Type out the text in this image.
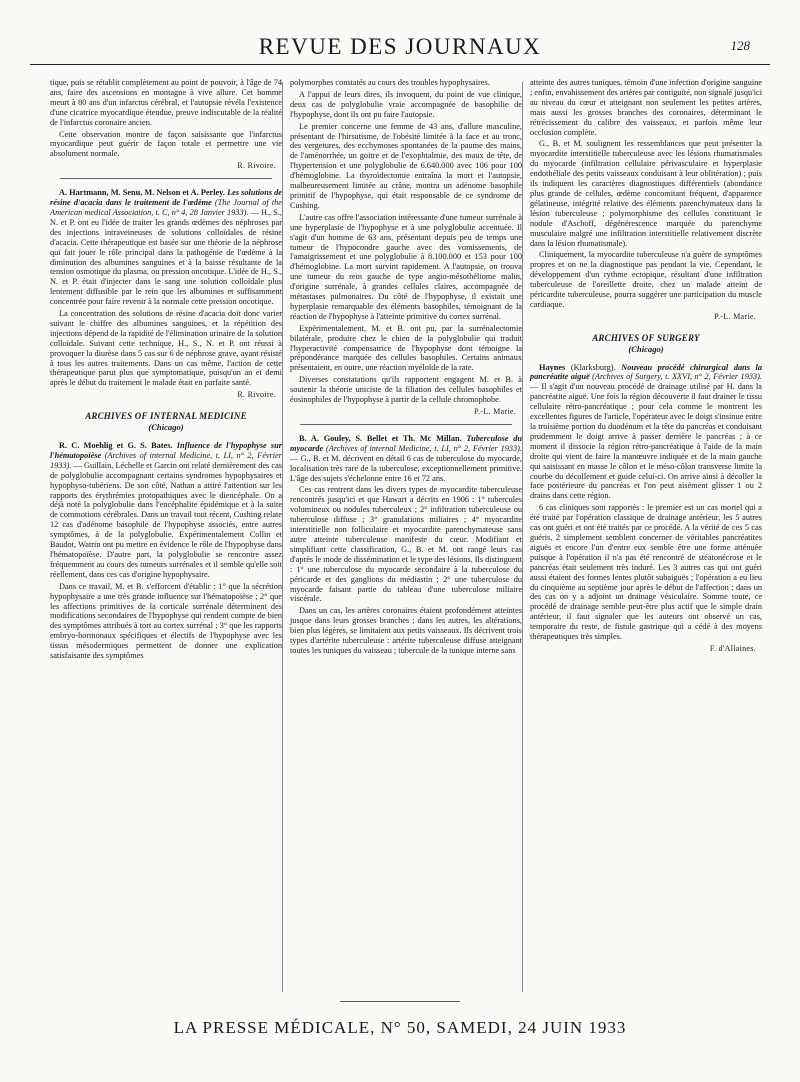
REVUE DES JOURNAUX	128

tique, puis se rétablit complètement au point de pouvoir, à l'âge de 74 ans, faire des ascensions en montagne à vive allure. Cet homme meurt à 80 ans d'un infarctus cérébral, et l'autopsie révéla l'existence d'une cicatrice myocardique étendue, preuve indiscutable de la réalité de l'infarctus coronaire ancien.

Cette observation montre de façon saisissante que l'infarctus myocardique peut guérir de façon totale et permettre une vie absolument normale.

R. Rivoire.

A. Hartmann, M. Senu, M. Nelson et A. Perley. Les solutions de résine d'acacia dans le traitement de l'œdème (The Journal of the American medical Association, t. C, n° 4, 28 Janvier 1933). — H., S., N. et P. ont eu l'idée de traiter les grands œdèmes des néphroses par des injections intraveineuses de solutions colloïdales de résine d'acacia. Cette thérapeutique est basée sur une théorie de la néphrose qui fait jouer le rôle principal dans la pathogénie de l'œdème à la diminution des albumines sanguines et à la baisse résultante de la tension osmotique du plasma, ou pression oncotique. L'idée de H., S., N. et P. était d'injecter dans le sang une solution colloïdale plus lentement diffusible par le rein que les albumines et suffisamment concentrée pour faire revenir à la normale cette pression oncotique.

La concentration des solutions de résine d'acacia doit donc varier suivant le chiffre des albumines sanguines, et la répétition des injections dépend de la rapidité de l'élimination urinaire de la solution colloïdale. Suivant cette technique, H., S., N. et P. ont réussi à provoquer la diurèse dans 5 cas sur 6 de néphrose grave, ayant résisté à tous les autres traitements. Dans un cas même, l'action de cette thérapeutique parut plus que symptomatique, puisqu'un an et demi après le début du traitement le malade était en parfaite santé.

R. Rivoire.
ARCHIVES OF INTERNAL MEDICINE
(Chicago)

R. C. Moehlig et G. S. Bates. Influence de l'hypophyse sur l'hématopoïèse (Archives of internal Medicine, t. LI, n° 2, Février 1933). — Guillain, Léchelle et Garcin ont relaté dernièrement des cas de polyglobulie accompagnant certains syndromes hypophysaires et hypophyso-tubériens. De son côté, Nathan a attiré l'attention sur les rapports des érythrémies protopathiques avec le diencéphale. On a déjà noté la polyglobulie dans l'encéphalite épidémique et à la suite de commotions cérébrales. Dans un travail tout récent, Cushing relate 12 cas d'adénome basophile de l'hypophyse associés, entre autres symptômes, à de la polyglobulie. Expérimentalement Collin et Baudot, Watrin ont pu mettre en évidence le rôle de l'hypophyse dans l'hématopoïèse. D'autre part, la polyglobulie se rencontre assez fréquemment au cours des tumeurs surrénales et il semble qu'elle soit réellement, dans ces cas d'origine hypophysaire.

Dans ce travail, M. et B. s'efforcent d'établir : 1° que la sécrétion hypophysaire a une très grande influence sur l'hématopoïèse ; 2° que les affections primitives de la corticale surrénale déterminent des modifications secondaires de l'hypophyse qui rendent compte de bien des symptômes attribués à tort au cortex surrénal ; 3° que les rapports embryo-hormonaux spécifiques et électifs de l'hypophyse avec les tissus mésodermiques permettent de donner une explication satisfaisante des symptômes

polymorphes constatés au cours des troubles hypophysaires.

A l'appui de leurs dires, ils invoquent, du point de vue clinique, deux cas de polyglobulie vraie accompagnée de basophilie de l'hypophyse, dont ils ont pu faire l'autopsie.

Le premier concerne une femme de 43 ans, d'allure masculine, présentant de l'hirsutisme, de l'obésité limitée à la face et au tronc, des vergetures, des ecchymoses spontanées de la paume des mains, de l'aménorrhée, un goitre et de l'exophtalmie, des maux de tête, de l'hypertension et une polyglobulie de 6.640.000 avec 106 pour 100 d'hémoglobine. La thyroïdectomie entraîna la mort et l'autopsie, malheureusement limitée au crâne, montra un adénome basophile primitif de l'hypophyse, qui était responsable de ce syndrome de Cushing.

L'autre cas offre l'association intéressante d'une tumeur surrénale à une hyperplasie de l'hypophyse et à une polyglobulie accentuée. Il s'agit d'un homme de 63 ans, présentant depuis peu de temps une tumeur de l'hypocondre gauche avec des vomissements, de l'amaigrissement et une polyglobulie à 8.100.000 et 153 pour 100 d'hémoglobine. La mort survint rapidement. A l'autopsie, on trouva une tumeur du rein gauche de type angio-mésothéliome malin, d'origine surrénale, à grandes cellules claires, accompagnée de métastases pulmonaires. Du côté de l'hypophyse, il existait une hyperplasie remarquable des éléments basophiles, témoignant de la réaction de l'hypophyse à l'atteinte primitive du cortex surrénal.

Expérimentalement, M. et B. ont pu, par la surrénalectomie bilatérale, produire chez le chien de la polyglobulie qui traduit l'hyperactivité compensatrice de l'hypophyse dont témoigne la prépondérance marquée des cellules basophiles. Certains animaux présentaient, en outre, une réaction myéloïde de la rate.

Diverses constatations qu'ils rapportent engagent M. et B. à soutenir la théorie uniciste de la filiation des cellules basophiles et éosinophiles de l'hypophyse à partir de la cellule chromophobe.

P.-L. Marie.

B. A. Gouley, S. Bellet et Th. Mc Millan. Tuberculose du myocarde (Archives of internal Medicine, t. LI, n° 2, Février 1933). — G., B. et M. décrivent en détail 6 cas de tuberculose du myocarde, localisation très rare de la tuberculose, exceptionnellement primitive. L'âge des sujets s'échelonne entre 16 et 72 ans.

Ces cas rentrent dans les divers types de myocardite tuberculeuse rencontrés jusqu'ici et que Hawart a décrits en 1906 : 1° tubercules volumineux ou nodules tuberculeux ; 2° infiltration tuberculeuse ou tuberculose diffuse ; 3° granulations miliaires ; 4° myocardite interstitielle non folliculaire et myocardite parenchymateuse sans autre atteinte tuberculeuse manifeste du cœur. Modifiant et simplifiant cette classification, G., B. et M. ont rangé leurs cas d'après le mode de dissémination et le type des lésions. Ils distinguent : 1° une tuberculose du myocarde secondaire à la tuberculose du péricarde et des ganglions du médiastin ; 2° une tuberculose du myocarde faisant partie du tableau d'une tuberculose miliaire viscérale.

Dans un cas, les artères coronaires étaient profondément atteintes jusque dans leurs grosses branches ; dans les autres, les altérations, bien plus légères, se limitaient aux petits vaisseaux. Ils décrivent trois types d'artérite tuberculeuse : artérite tuberculeuse diffuse atteignant toutes les tuniques du vaisseau ; tubercule de la tunique interne sans

atteinte des autres tuniques, témoin d'une infection d'origine sanguine ; enfin, envahissement des artères par contiguïté, non signalé jusqu'ici au niveau du cœur et atteignant non seulement les petites artères, mais aussi les grosses branches des coronaires, déterminant le rétrécissement du calibre des vaisseaux, et parfois même leur occlusion complète.

G., B. et M. soulignent les ressemblances que peut présenter la myocardite interstitielle tuberculeuse avec les lésions rhumatismales du myocarde (infiltration cellulaire périvasculaire et hyperplasie endothéliale des petits vaisseaux conduisant à leur oblitération) ; puis ils indiquent les caractères diagnostiques différentiels (abondance plus grande de cellules, œdème concomitant fréquent, d'apparence gélatineuse, intégrité relative des éléments parenchymateux dans la lésion tuberculeuse ; polymorphisme des cellules constituant le nodule d'Aschoff, dégénérescence marquée du parenchyme musculaire malgré une infiltration interstitielle relativement discrète dans la lésion rhumatismale).

Cliniquement, la myocardite tuberculeuse n'a guère de symptômes propres et on ne la diagnostique pas pendant la vie. Cependant, le développement d'un rythme ectopique, résultant d'une infiltration tuberculeuse de l'oreillette droite, chez un malade atteint de péricardite tuberculeuse, pourra suggérer une participation du muscle cardiaque.

P.-L. Marie.
ARCHIVES OF SURGERY
(Chicago)

Haynes (Klarksburg). Nouveau procédé chirurgical dans la pancréatite aiguë (Archives of Surgery, t. XXVI, n° 2, Février 1933). — Il s'agit d'un nouveau procédé de drainage utilisé par H. dans la pancréatite aiguë. Une fois la région découverte il faut drainer le tissu cellulaire rétro-pancréatique ; pour cela comme le montrent les excellentes figures de l'article, l'opérateur avec le doigt s'insinue entre la troisième portion du duodénum et la tête du pancréas et conduisant prudemment le doigt arrive à passer derrière le pancréas ; à ce moment il dissocie la région rétro-pancréatique à l'aide de la main droite qui vient de faire la manœuvre indiquée et de la main gauche qui saisissant en masse le côlon et le méso-côlon transverse limite la courbe du décollement et guide celui-ci. On arrive ainsi à décoller la face postérieure du pancréas et l'on peut aisément glisser 1 ou 2 drains dans cette région.

6 cas cliniques sont rapportés : le premier est un cas mortel qui a été traité par l'opération classique de drainage antérieur, les 5 autres cas ont guéri et ont été traités par ce procédé. A la vérité de ces 5 cas guéris, 2 simplement semblent concerner de véritables pancréatites aiguës et encore l'un d'entre eux semble être une forme atténuée puisque à l'opération il n'a pas été rencontré de stéatonécrose et le pancréas était seulement très induré. Les 3 autres cas qui ont guéri aussi étaient des formes lentes plutôt subaiguës ; l'opération a eu lieu du cinquième au septième jour après le début de l'affection ; dans un des cas on y a adjoint un drainage vésiculaire. Somme toute, ce procédé de drainage semble peut-être plus actif que le simple drain antérieur, il faut signaler que les auteurs ont observé un cas, temporaire du reste, de fistule gastrique qui a cédé à des moyens thérapeutiques très simples.

F. d'Allaines.
LA PRESSE MÉDICALE, N° 50, SAMEDI, 24 JUIN 1933
